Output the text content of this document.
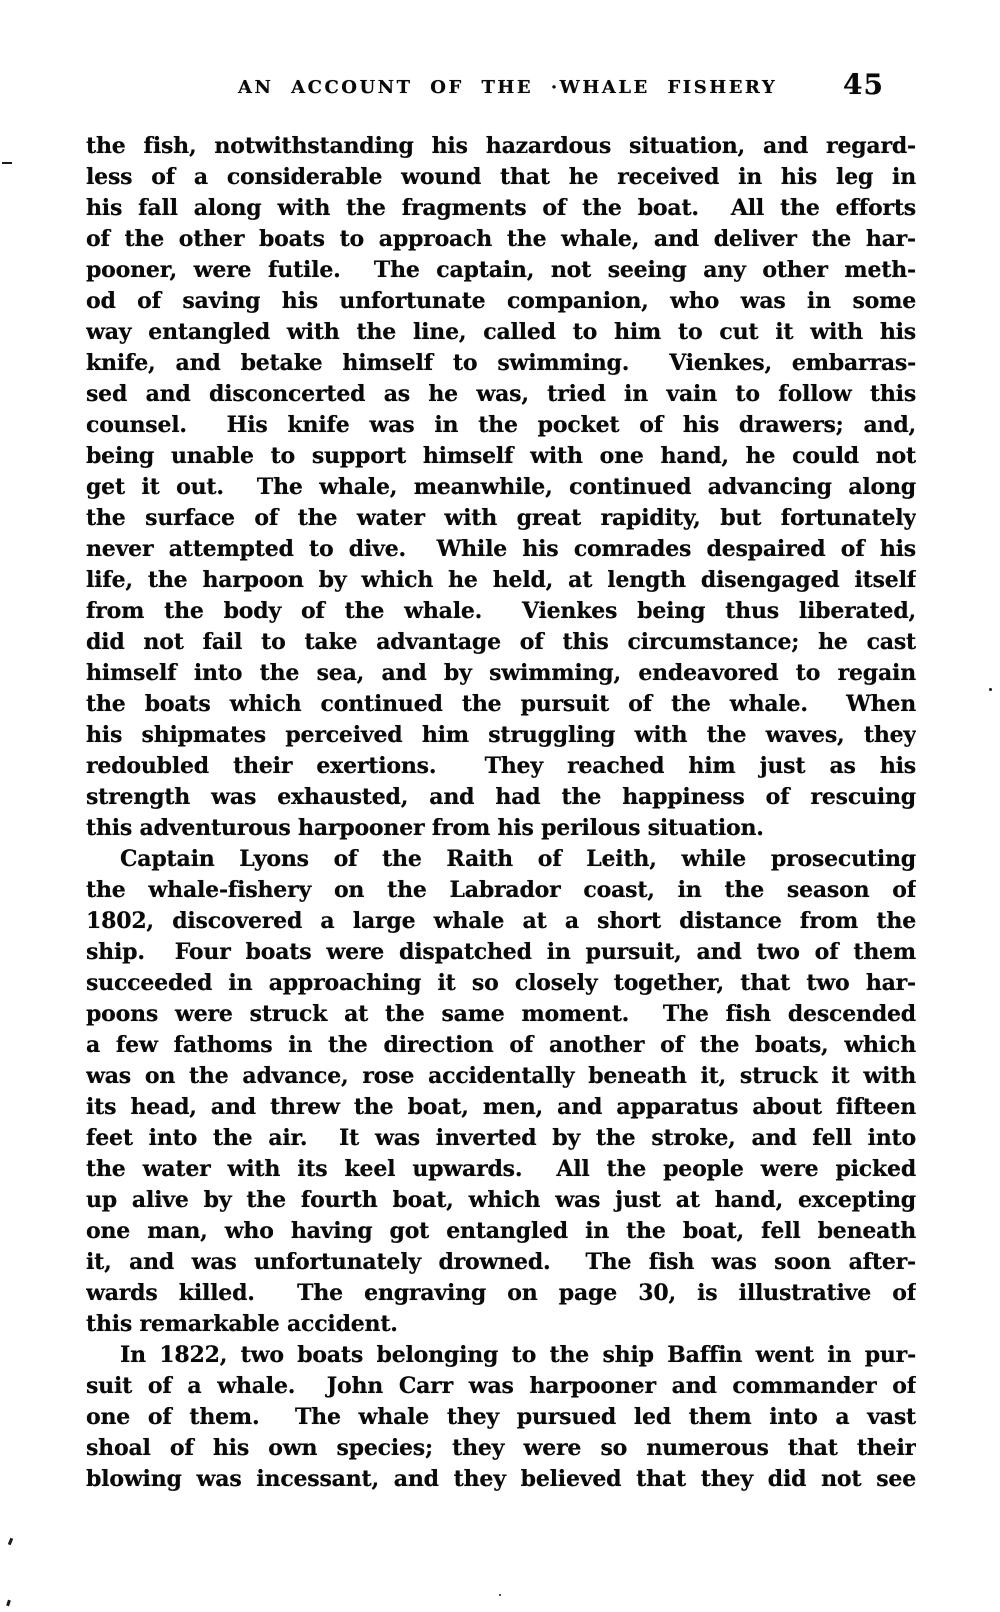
AN ACCOUNT OF THE ·WHALE FISHERY 45
the fish, notwithstanding his hazardous situation, and regard-
less of a considerable wound that he received in his leg in
his fall along with the fragments of the boat.  All the efforts
of the other boats to approach the whale, and deliver the har-
pooner, were futile.  The captain, not seeing any other meth-
od of saving his unfortunate companion, who was in some
way entangled with the line, called to him to cut it with his
knife, and betake himself to swimming.  Vienkes, embarras-
sed and disconcerted as he was, tried in vain to follow this
counsel.  His knife was in the pocket of his drawers; and,
being unable to support himself with one hand, he could not
get it out.  The whale, meanwhile, continued advancing along
the surface of the water with great rapidity, but fortunately
never attempted to dive.  While his comrades despaired of his
life, the harpoon by which he held, at length disengaged itself
from the body of the whale.  Vienkes being thus liberated,
did not fail to take advantage of this circumstance; he cast
himself into the sea, and by swimming, endeavored to regain
the boats which continued the pursuit of the whale.  When
his shipmates perceived him struggling with the waves, they
redoubled their exertions.  They reached him just as his
strength was exhausted, and had the happiness of rescuing
this adventurous harpooner from his perilous situation.
Captain Lyons of the Raith of Leith, while prosecuting
the whale-fishery on the Labrador coast, in the season of
1802, discovered a large whale at a short distance from the
ship.  Four boats were dispatched in pursuit, and two of them
succeeded in approaching it so closely together, that two har-
poons were struck at the same moment.  The fish descended
a few fathoms in the direction of another of the boats, which
was on the advance, rose accidentally beneath it, struck it with
its head, and threw the boat, men, and apparatus about fifteen
feet into the air.  It was inverted by the stroke, and fell into
the water with its keel upwards.  All the people were picked
up alive by the fourth boat, which was just at hand, excepting
one man, who having got entangled in the boat, fell beneath
it, and was unfortunately drowned.  The fish was soon after-
wards killed.  The engraving on page 30, is illustrative of
this remarkable accident.
In 1822, two boats belonging to the ship Baffin went in pur-
suit of a whale.  John Carr was harpooner and commander of
one of them.  The whale they pursued led them into a vast
shoal of his own species; they were so numerous that their
blowing was incessant, and they believed that they did not see
